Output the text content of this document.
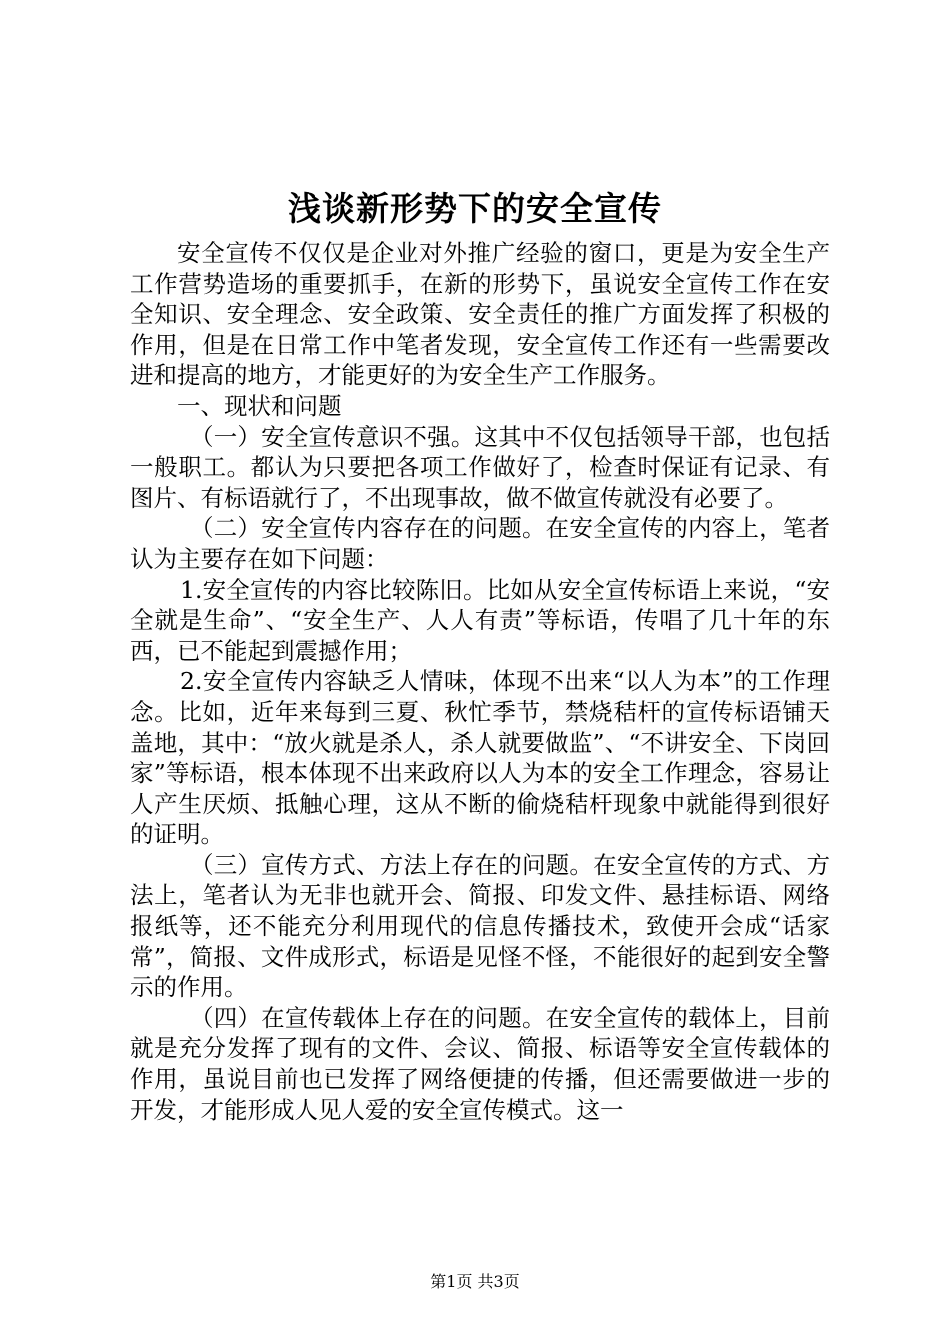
浅谈新形势下的安全宣传

安全宣传不仅仅是企业对外推广经验的窗口，更是为安全生产工作营势造场的重要抓手，在新的形势下，虽说安全宣传工作在安全知识、安全理念、安全政策、安全责任的推广方面发挥了积极的作用，但是在日常工作中笔者发现，安全宣传工作还有一些需要改进和提高的地方，才能更好的为安全生产工作服务。

一、现状和问题

（一）安全宣传意识不强。这其中不仅包括领导干部，也包括一般职工。都认为只要把各项工作做好了，检查时保证有记录、有图片、有标语就行了，不出现事故，做不做宣传就没有必要了。

（二）安全宣传内容存在的问题。在安全宣传的内容上，笔者认为主要存在如下问题：

1.安全宣传的内容比较陈旧。比如从安全宣传标语上来说，“安全就是生命”、“安全生产、人人有责”等标语，传唱了几十年的东西，已不能起到震撼作用；

2.安全宣传内容缺乏人情味，体现不出来“以人为本”的工作理念。比如，近年来每到三夏、秋忙季节，禁烧秸杆的宣传标语铺天盖地，其中：“放火就是杀人，杀人就要做监”、“不讲安全、下岗回家”等标语，根本体现不出来政府以人为本的安全工作理念，容易让人产生厌烦、抵触心理，这从不断的偷烧秸杆现象中就能得到很好的证明。

（三）宣传方式、方法上存在的问题。在安全宣传的方式、方法上，笔者认为无非也就开会、简报、印发文件、悬挂标语、网络报纸等，还不能充分利用现代的信息传播技术，致使开会成“话家常”，简报、文件成形式，标语是见怪不怪，不能很好的起到安全警示的作用。

（四）在宣传载体上存在的问题。在安全宣传的载体上，目前就是充分发挥了现有的文件、会议、简报、标语等安全宣传载体的作用，虽说目前也已发挥了网络便捷的传播，但还需要做进一步的开发，才能形成人见人爱的安全宣传模式。这一

第1页 共3页
